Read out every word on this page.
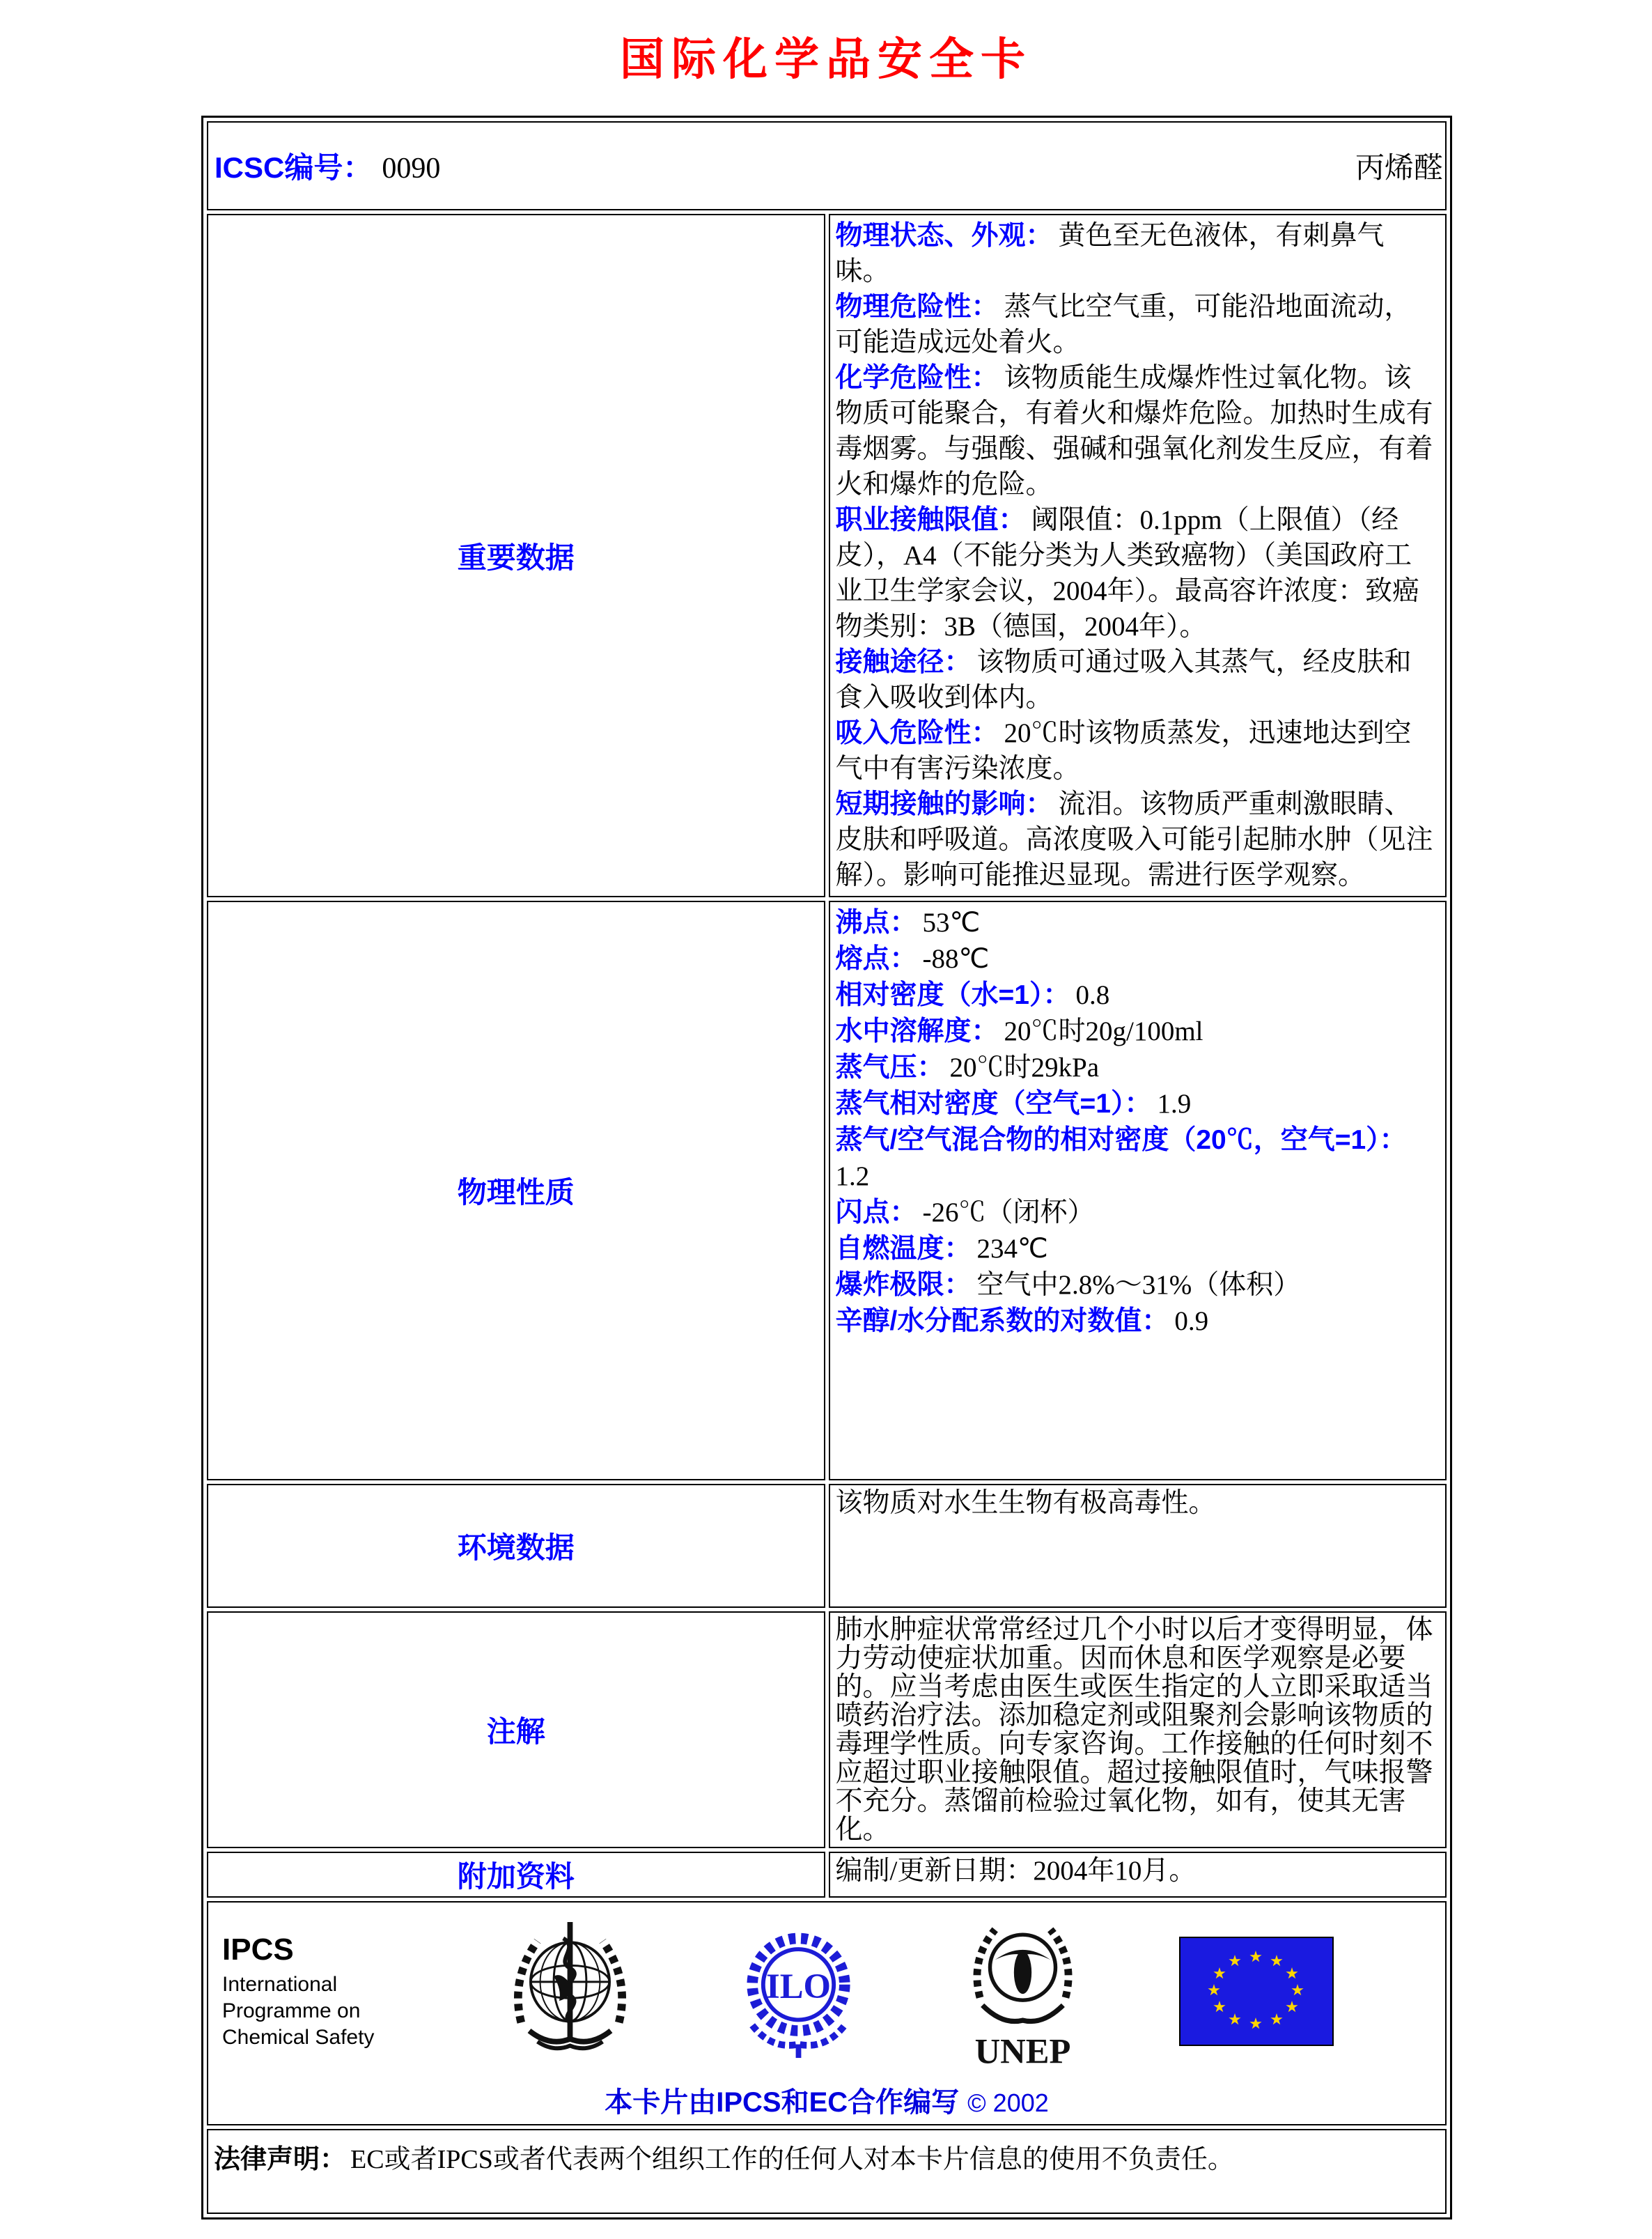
国际化学品安全卡
ICSC编号： 0090 丙烯醛	

重要数据	
物理状态、外观： 黄色至无色液体，有刺鼻气味。
物理危险性： 蒸气比空气重，可能沿地面流动，可能造成远处着火。
化学危险性： 该物质能生成爆炸性过氧化物。该物质可能聚合，有着火和爆炸危险。加热时生成有毒烟雾。与强酸、强碱和强氧化剂发生反应，有着火和爆炸的危险。
职业接触限值： 阈限值：0.1ppm（上限值）（经皮），A4（不能分类为人类致癌物）（美国政府工业卫生学家会议，2004年）。最高容许浓度：致癌物类别：3B（德国，2004年）。
接触途径： 该物质可通过吸入其蒸气，经皮肤和食入吸收到体内。
吸入危险性： 20℃时该物质蒸发，迅速地达到空气中有害污染浓度。
短期接触的影响： 流泪。该物质严重刺激眼睛、皮肤和呼吸道。高浓度吸入可能引起肺水肿（见注解）。影响可能推迟显现。需进行医学观察。

物理性质	
沸点： 53℃
熔点： -88℃
相对密度（水=1）： 0.8
水中溶解度： 20℃时20g/100ml
蒸气压： 20℃时29kPa
蒸气相对密度（空气=1）： 1.9
蒸气/空气混合物的相对密度（20℃，空气=1）：1.2
闪点： -26℃（闭杯）
自燃温度： 234℃
爆炸极限： 空气中2.8%～31%（体积）
辛醇/水分配系数的对数值： 0.9

环境数据	该物质对水生生物有极高毒性。

注解	肺水肿症状常常经过几个小时以后才变得明显，体力劳动使症状加重。因而休息和医学观察是必要的。应当考虑由医生或医生指定的人立即采取适当喷药治疗法。添加稳定剂或阻聚剂会影响该物质的毒理学性质。向专家咨询。工作接触的任何时刻不应超过职业接触限值。超过接触限值时，气味报警不充分。蒸馏前检验过氧化物，如有，使其无害化。

附加资料	编制/更新日期：2004年10月。

IPCS
International
Programme on
Chemical Safety
ILO
UNEP
本卡片由IPCS和EC合作编写 © 2002

法律声明： EC或者IPCS或者代表两个组织工作的任何人对本卡片信息的使用不负责任。	
